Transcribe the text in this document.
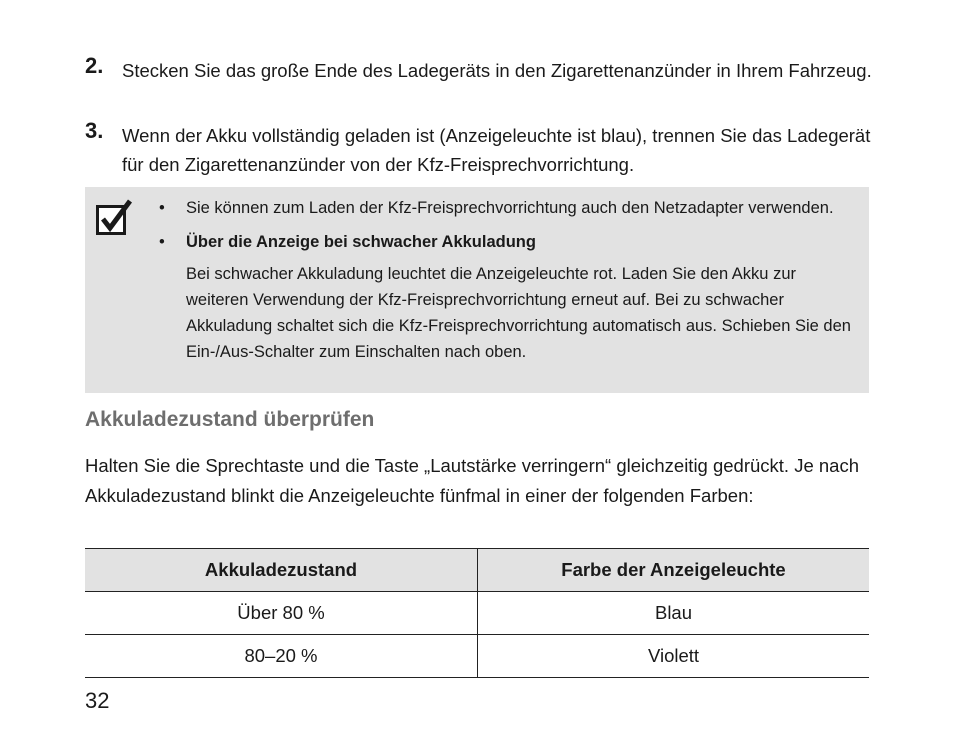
2. Stecken Sie das große Ende des Ladegeräts in den Zigarettenanzünder in Ihrem Fahrzeug.
3. Wenn der Akku vollständig geladen ist (Anzeigeleuchte ist blau), trennen Sie das Ladegerät für den Zigarettenanzünder von der Kfz-Freisprechvorrichtung.
• Sie können zum Laden der Kfz-Freisprechvorrichtung auch den Netzadapter verwenden.
• Über die Anzeige bei schwacher Akkuladung
Bei schwacher Akkuladung leuchtet die Anzeigeleuchte rot. Laden Sie den Akku zur weiteren Verwendung der Kfz-Freisprechvorrichtung erneut auf. Bei zu schwacher Akkuladung schaltet sich die Kfz-Freisprechvorrichtung automatisch aus. Schieben Sie den Ein-/Aus-Schalter zum Einschalten nach oben.
Akkuladezustand überprüfen
Halten Sie die Sprechtaste und die Taste „Lautstärke verringern“ gleichzeitig gedrückt. Je nach Akkuladezustand blinkt die Anzeigeleuchte fünfmal in einer der folgenden Farben:
Akkuladezustand	Farbe der Anzeigeleuchte
Über 80 %	Blau
80–20 %	Violett
32
